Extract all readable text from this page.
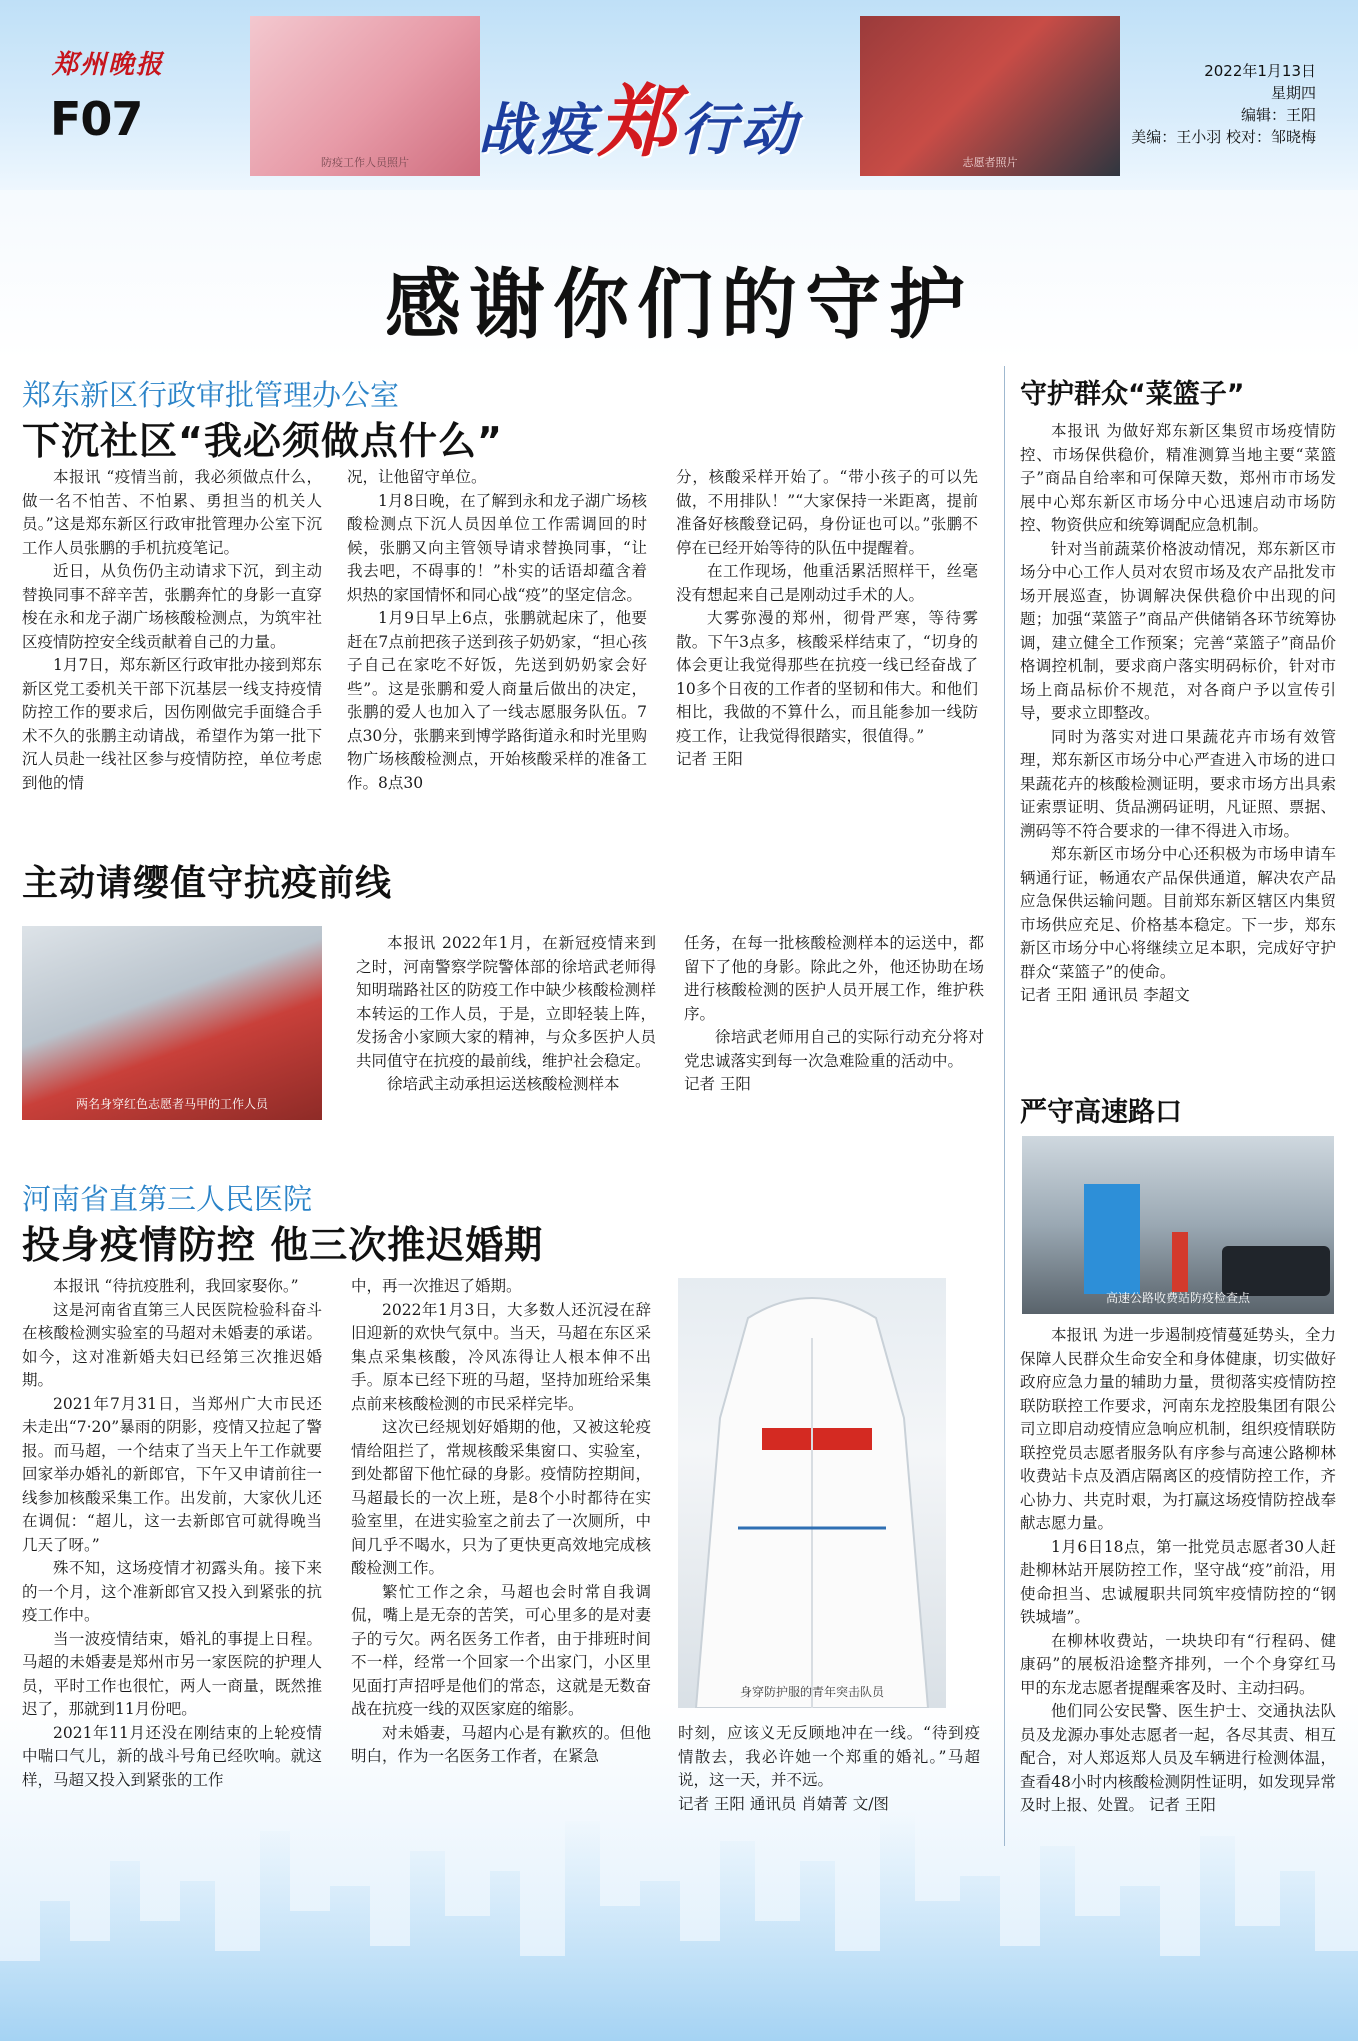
郑州晚报
F07
防疫工作人员照片	志愿者照片
战疫郑行动
2022年1月13日
星期四
编辑：王阳
美编：王小羽 校对：邹晓梅
感谢你们的守护
郑东新区行政审批管理办公室
下沉社区“我必须做点什么”

本报讯 “疫情当前，我必须做点什么，做一名不怕苦、不怕累、勇担当的机关人员。”这是郑东新区行政审批管理办公室下沉工作人员张鹏的手机抗疫笔记。

近日，从负伤仍主动请求下沉，到主动替换同事不辞辛苦，张鹏奔忙的身影一直穿梭在永和龙子湖广场核酸检测点，为筑牢社区疫情防控安全线贡献着自己的力量。

1月7日，郑东新区行政审批办接到郑东新区党工委机关干部下沉基层一线支持疫情防控工作的要求后，因伤刚做完手面缝合手术不久的张鹏主动请战，希望作为第一批下沉人员赴一线社区参与疫情防控，单位考虑到他的情

况，让他留守单位。

1月8日晚，在了解到永和龙子湖广场核酸检测点下沉人员因单位工作需调回的时候，张鹏又向主管领导请求替换同事，“让我去吧，不碍事的！”朴实的话语却蕴含着炽热的家国情怀和同心战“疫”的坚定信念。

1月9日早上6点，张鹏就起床了，他要赶在7点前把孩子送到孩子奶奶家，“担心孩子自己在家吃不好饭，先送到奶奶家会好些”。这是张鹏和爱人商量后做出的决定，张鹏的爱人也加入了一线志愿服务队伍。7点30分，张鹏来到博学路街道永和时光里购物广场核酸检测点，开始核酸采样的准备工作。8点30

分，核酸采样开始了。“带小孩子的可以先做，不用排队！”“大家保持一米距离，提前准备好核酸登记码，身份证也可以。”张鹏不停在已经开始等待的队伍中提醒着。

在工作现场，他重活累活照样干，丝毫没有想起来自己是刚动过手术的人。

大雾弥漫的郑州，彻骨严寒，等待雾散。下午3点多，核酸采样结束了，“切身的体会更让我觉得那些在抗疫一线已经奋战了10多个日夜的工作者的坚韧和伟大。和他们相比，我做的不算什么，而且能参加一线防疫工作，让我觉得很踏实，很值得。”

记者 王阳

主动请缨值守抗疫前线
两名身穿红色志愿者马甲的工作人员

本报讯 2022年1月，在新冠疫情来到之时，河南警察学院警体部的徐培武老师得知明瑞路社区的防疫工作中缺少核酸检测样本转运的工作人员，于是，立即轻装上阵，发扬舍小家顾大家的精神，与众多医护人员共同值守在抗疫的最前线，维护社会稳定。

徐培武主动承担运送核酸检测样本

任务，在每一批核酸检测样本的运送中，都留下了他的身影。除此之外，他还协助在场进行核酸检测的医护人员开展工作，维护秩序。

徐培武老师用自己的实际行动充分将对党忠诚落实到每一次急难险重的活动中。

记者 王阳

河南省直第三人民医院
投身疫情防控 他三次推迟婚期

本报讯 “待抗疫胜利，我回家娶你。”

这是河南省直第三人民医院检验科奋斗在核酸检测实验室的马超对未婚妻的承诺。如今，这对准新婚夫妇已经第三次推迟婚期。

2021年7月31日，当郑州广大市民还未走出“7·20”暴雨的阴影，疫情又拉起了警报。而马超，一个结束了当天上午工作就要回家举办婚礼的新郎官，下午又申请前往一线参加核酸采集工作。出发前，大家伙儿还在调侃：“超儿，这一去新郎官可就得晚当几天了呀。”

殊不知，这场疫情才初露头角。接下来的一个月，这个准新郎官又投入到紧张的抗疫工作中。

当一波疫情结束，婚礼的事提上日程。马超的未婚妻是郑州市另一家医院的护理人员，平时工作也很忙，两人一商量，既然推迟了，那就到11月份吧。

2021年11月还没在刚结束的上轮疫情中喘口气儿，新的战斗号角已经吹响。就这样，马超又投入到紧张的工作

中，再一次推迟了婚期。

2022年1月3日，大多数人还沉浸在辞旧迎新的欢快气氛中。当天，马超在东区采集点采集核酸，冷风冻得让人根本伸不出手。原本已经下班的马超，坚持加班给采集点前来核酸检测的市民采样完毕。

这次已经规划好婚期的他，又被这轮疫情给阻拦了，常规核酸采集窗口、实验室，到处都留下他忙碌的身影。疫情防控期间，马超最长的一次上班，是8个小时都待在实验室里，在进实验室之前去了一次厕所，中间几乎不喝水，只为了更快更高效地完成核酸检测工作。

繁忙工作之余，马超也会时常自我调侃，嘴上是无奈的苦笑，可心里多的是对妻子的亏欠。两名医务工作者，由于排班时间不一样，经常一个回家一个出家门，小区里见面打声招呼是他们的常态，这就是无数奋战在抗疫一线的双医家庭的缩影。

对未婚妻，马超内心是有歉疚的。但他明白，作为一名医务工作者，在紧急

身穿防护服的青年突击队员

时刻，应该义无反顾地冲在一线。“待到疫情散去，我必许她一个郑重的婚礼。”马超说，这一天，并不远。

记者 王阳 通讯员 肖婧菁 文/图

守护群众“菜篮子”

本报讯 为做好郑东新区集贸市场疫情防控、市场保供稳价，精准测算当地主要“菜篮子”商品自给率和可保障天数，郑州市市场发展中心郑东新区市场分中心迅速启动市场防控、物资供应和统筹调配应急机制。

针对当前蔬菜价格波动情况，郑东新区市场分中心工作人员对农贸市场及农产品批发市场开展巡查，协调解决保供稳价中出现的问题；加强“菜篮子”商品产供储销各环节统筹协调，建立健全工作预案；完善“菜篮子”商品价格调控机制，要求商户落实明码标价，针对市场上商品标价不规范，对各商户予以宣传引导，要求立即整改。

同时为落实对进口果蔬花卉市场有效管理，郑东新区市场分中心严查进入市场的进口果蔬花卉的核酸检测证明，要求市场方出具索证索票证明、货品溯码证明，凡证照、票据、溯码等不符合要求的一律不得进入市场。

郑东新区市场分中心还积极为市场申请车辆通行证，畅通农产品保供通道，解决农产品应急保供运输问题。目前郑东新区辖区内集贸市场供应充足、价格基本稳定。下一步，郑东新区市场分中心将继续立足本职，完成好守护群众“菜篮子”的使命。

记者 王阳 通讯员 李超文

严守高速路口
高速公路收费站防疫检查点

本报讯 为进一步遏制疫情蔓延势头，全力保障人民群众生命安全和身体健康，切实做好政府应急力量的辅助力量，贯彻落实疫情防控联防联控工作要求，河南东龙控股集团有限公司立即启动疫情应急响应机制，组织疫情联防联控党员志愿者服务队有序参与高速公路柳林收费站卡点及酒店隔离区的疫情防控工作，齐心协力、共克时艰，为打赢这场疫情防控战奉献志愿力量。

1月6日18点，第一批党员志愿者30人赶赴柳林站开展防控工作，坚守战“疫”前沿，用使命担当、忠诚履职共同筑牢疫情防控的“钢铁城墙”。

在柳林收费站，一块块印有“行程码、健康码”的展板沿途整齐排列，一个个身穿红马甲的东龙志愿者提醒乘客及时、主动扫码。

他们同公安民警、医生护士、交通执法队员及龙源办事处志愿者一起，各尽其责、相互配合，对人郑返郑人员及车辆进行检测体温，查看48小时内核酸检测阴性证明，如发现异常及时上报、处置。 记者 王阳
